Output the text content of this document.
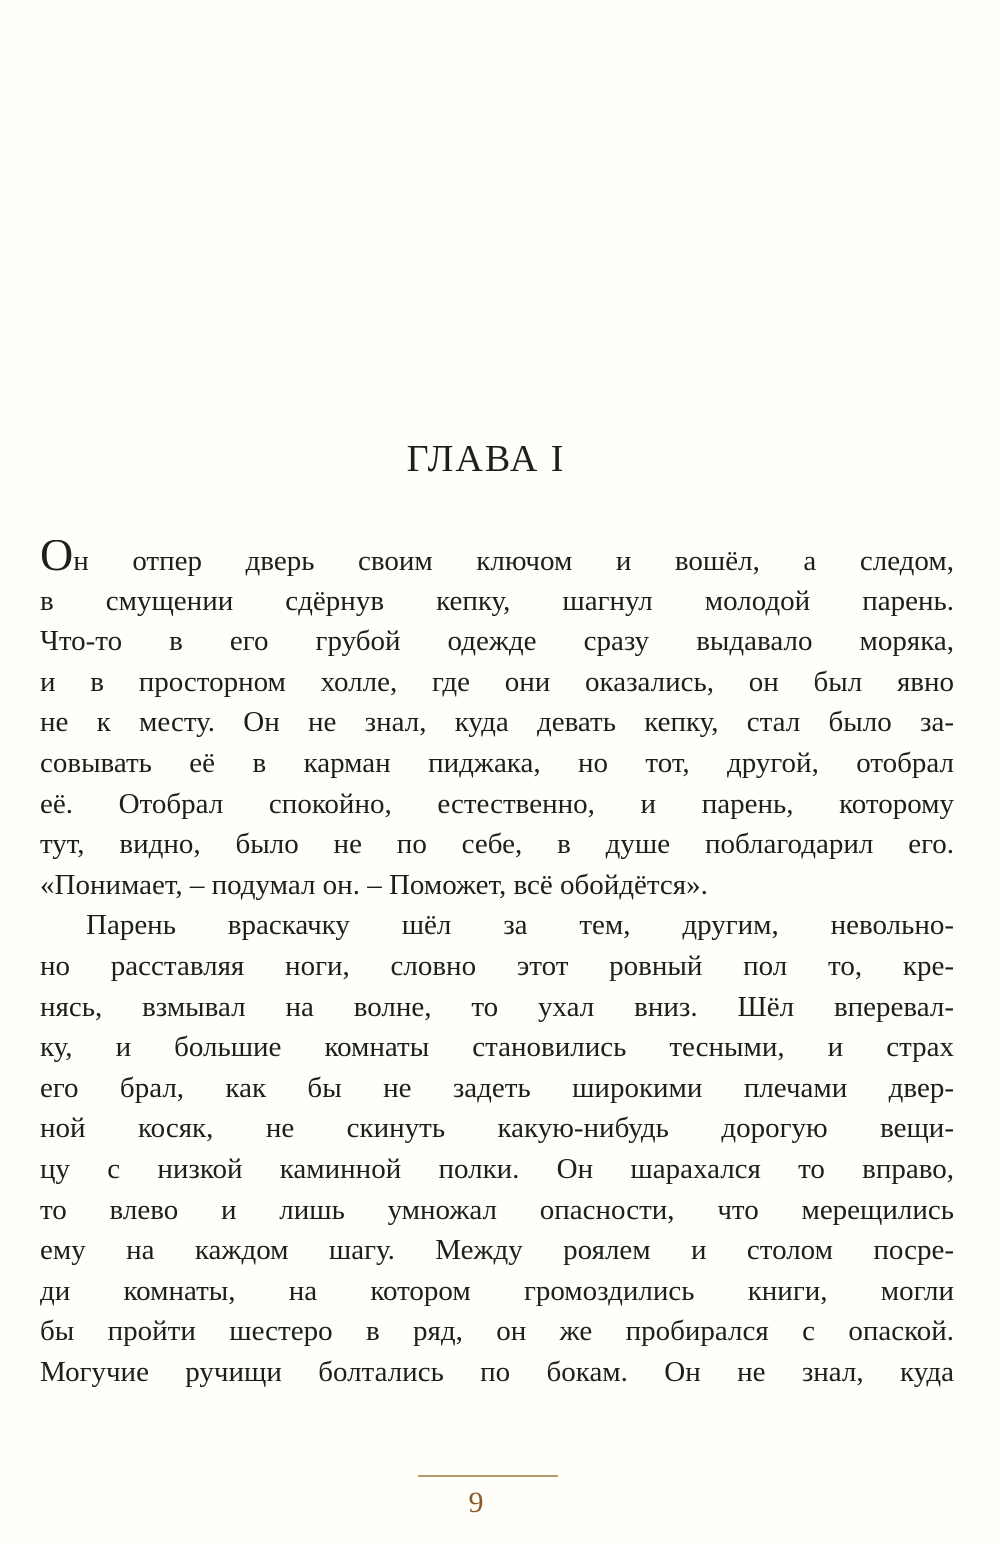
ГЛАВА I
Он отпер дверь своим ключом и вошёл, а следом,
в смущении сдёрнув кепку, шагнул молодой парень.
Что-то в его грубой одежде сразу выдавало моряка,
и в просторном холле, где они оказались, он был явно
не к месту. Он не знал, куда девать кепку, стал было за-
совывать её в карман пиджака, но тот, другой, отобрал
её. Отобрал спокойно, естественно, и парень, которому
тут, видно, было не по себе, в душе поблагодарил его.
«Понимает, – подумал он. – Поможет, всё обойдётся».
Парень враскачку шёл за тем, другим, невольно-
но расставляя ноги, словно этот ровный пол то, кре-
нясь, взмывал на волне, то ухал вниз. Шёл вперевал-
ку, и большие комнаты становились тесными, и страх
его брал, как бы не задеть широкими плечами двер-
ной косяк, не скинуть какую-нибудь дорогую вещи-
цу с низкой каминной полки. Он шарахался то вправо,
то влево и лишь умножал опасности, что мерещились
ему на каждом шагу. Между роялем и столом посре-
ди комнаты, на котором громоздились книги, могли
бы пройти шестеро в ряд, он же пробирался с опаской.
Могучие ручищи болтались по бокам. Он не знал, куда
9
